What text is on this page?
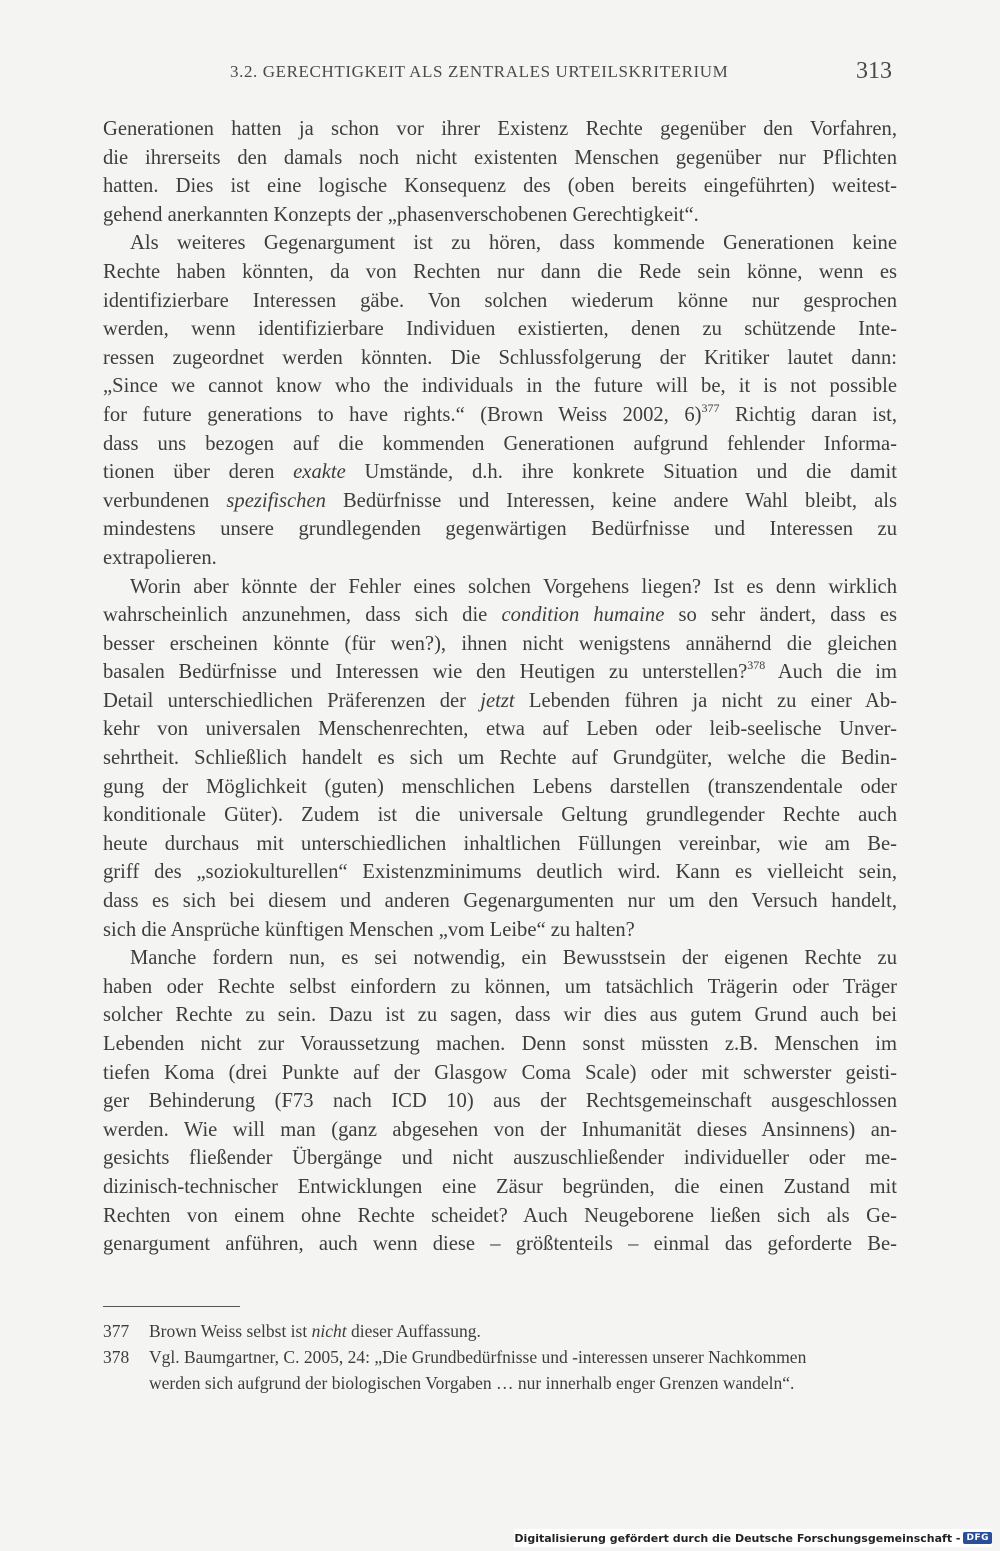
3.2. GERECHTIGKEIT ALS ZENTRALES URTEILSKRITERIUM	313
Generationen hatten ja schon vor ihrer Existenz Rechte gegenüber den Vorfahren,
die ihrerseits den damals noch nicht existenten Menschen gegenüber nur Pflichten
hatten. Dies ist eine logische Konsequenz des (oben bereits eingeführten) weitest-
gehend anerkannten Konzepts der „phasenverschobenen Gerechtigkeit“.
Als weiteres Gegenargument ist zu hören, dass kommende Generationen keine
Rechte haben könnten, da von Rechten nur dann die Rede sein könne, wenn es
identifizierbare Interessen gäbe. Von solchen wiederum könne nur gesprochen
werden, wenn identifizierbare Individuen existierten, denen zu schützende Inte-
ressen zugeordnet werden könnten. Die Schlussfolgerung der Kritiker lautet dann:
„Since we cannot know who the individuals in the future will be, it is not possible
for future generations to have rights.“ (Brown Weiss 2002, 6)$^{377}$ Richtig daran ist,
dass uns bezogen auf die kommenden Generationen aufgrund fehlender Informa-
tionen über deren exakte Umstände, d.h. ihre konkrete Situation und die damit
verbundenen spezifischen Bedürfnisse und Interessen, keine andere Wahl bleibt, als
mindestens unsere grundlegenden gegenwärtigen Bedürfnisse und Interessen zu
extrapolieren.
Worin aber könnte der Fehler eines solchen Vorgehens liegen? Ist es denn wirklich
wahrscheinlich anzunehmen, dass sich die condition humaine so sehr ändert, dass es
besser erscheinen könnte (für wen?), ihnen nicht wenigstens annähernd die gleichen
basalen Bedürfnisse und Interessen wie den Heutigen zu unterstellen?$^{378}$ Auch die im
Detail unterschiedlichen Präferenzen der jetzt Lebenden führen ja nicht zu einer Ab-
kehr von universalen Menschenrechten, etwa auf Leben oder leib-seelische Unver-
sehrtheit. Schließlich handelt es sich um Rechte auf Grundgüter, welche die Bedin-
gung der Möglichkeit (guten) menschlichen Lebens darstellen (transzendentale oder
konditionale Güter). Zudem ist die universale Geltung grundlegender Rechte auch
heute durchaus mit unterschiedlichen inhaltlichen Füllungen vereinbar, wie am Be-
griff des „soziokulturellen“ Existenzminimums deutlich wird. Kann es vielleicht sein,
dass es sich bei diesem und anderen Gegenargumenten nur um den Versuch handelt,
sich die Ansprüche künftigen Menschen „vom Leibe“ zu halten?
Manche fordern nun, es sei notwendig, ein Bewusstsein der eigenen Rechte zu
haben oder Rechte selbst einfordern zu können, um tatsächlich Trägerin oder Träger
solcher Rechte zu sein. Dazu ist zu sagen, dass wir dies aus gutem Grund auch bei
Lebenden nicht zur Voraussetzung machen. Denn sonst müssten z.B. Menschen im
tiefen Koma (drei Punkte auf der Glasgow Coma Scale) oder mit schwerster geisti-
ger Behinderung (F73 nach ICD 10) aus der Rechtsgemeinschaft ausgeschlossen
werden. Wie will man (ganz abgesehen von der Inhumanität dieses Ansinnens) an-
gesichts fließender Übergänge und nicht auszuschließender individueller oder me-
dizinisch-technischer Entwicklungen eine Zäsur begründen, die einen Zustand mit
Rechten von einem ohne Rechte scheidet? Auch Neugeborene ließen sich als Ge-
genargument anführen, auch wenn diese – größtenteils – einmal das geforderte Be-
377 Brown Weiss selbst ist nicht dieser Auffassung.
378 Vgl. Baumgartner, C. 2005, 24: „Die Grundbedürfnisse und -interessen unserer Nachkommen
werden sich aufgrund der biologischen Vorgaben … nur innerhalb enger Grenzen wandeln“.
Digitalisierung gefördert durch die Deutsche Forschungsgemeinschaft - DFG
